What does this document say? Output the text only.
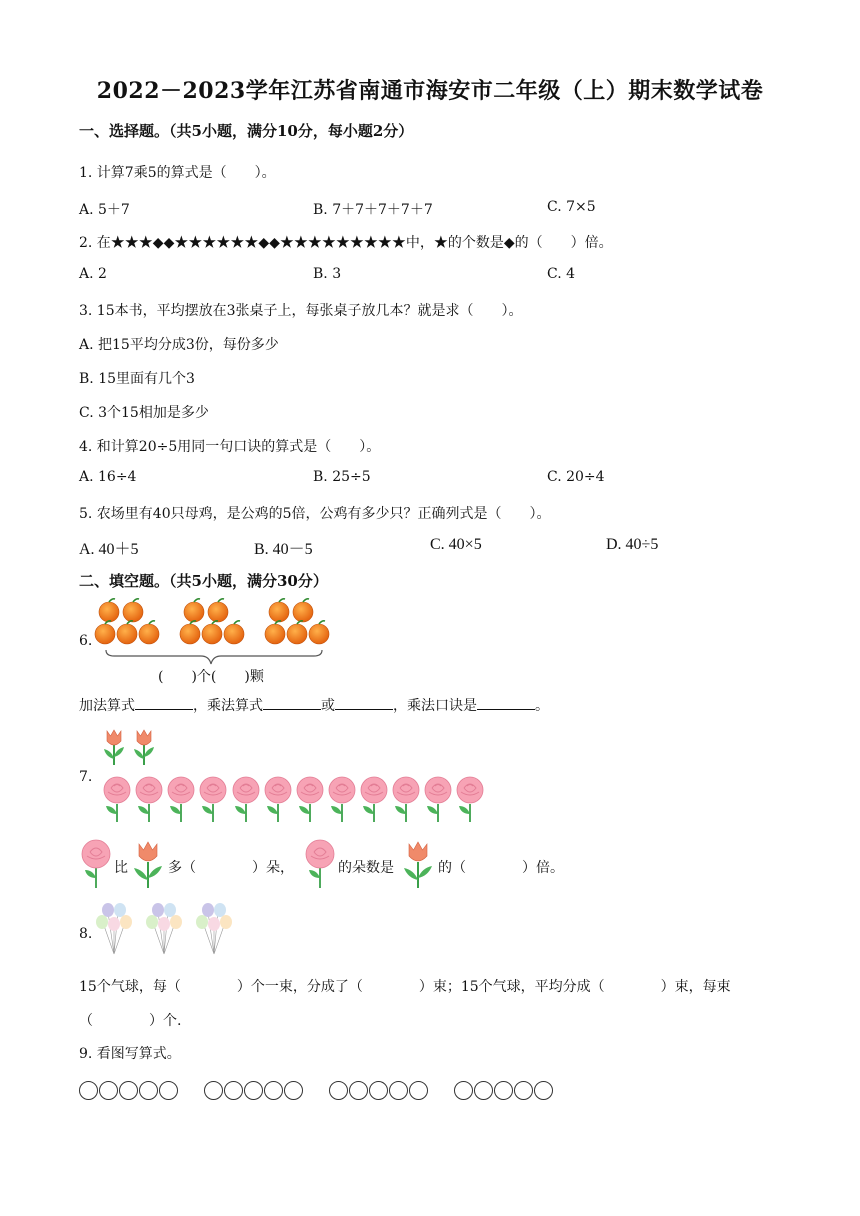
2022－2023学年江苏省南通市海安市二年级（上）期末数学试卷
一、选择题。（共5小题，满分10分，每小题2分）
1. 计算7乘5的算式是（　　）。
A. 5＋7	B. 7＋7＋7＋7＋7	C. 7×5
2. 在★★★◆◆★★★★★★◆◆★★★★★★★★★中，★的个数是◆的（　　）倍。
A. 2	B. 3	C. 4
3. 15本书，平均摆放在3张桌子上，每张桌子放几本？就是求（　　）。
A. 把15平均分成3份，每份多少
B. 15里面有几个3
C. 3个15相加是多少
4. 和计算20÷5用同一句口诀的算式是（　　）。
A. 16÷4	B. 25÷5	C. 20÷4
5. 农场里有40只母鸡，是公鸡的5倍，公鸡有多少只？正确列式是（　　）。
A. 40＋5	B. 40－5	C. 40×5	D. 40÷5
二、填空题。（共5小题，满分30分）
6.
(　　)个(　　)颗
加法算式	，乘法算式	或	，乘法口诀是	。
7.
比	多（　　　　）朵，	的朵数是	的（　　　　）倍。
8.
15个气球，每（　　　　）个一束，分成了（　　　　）束；15个气球，平均分成（　　　　）束，每束
（　　　　）个.
9. 看图写算式。
